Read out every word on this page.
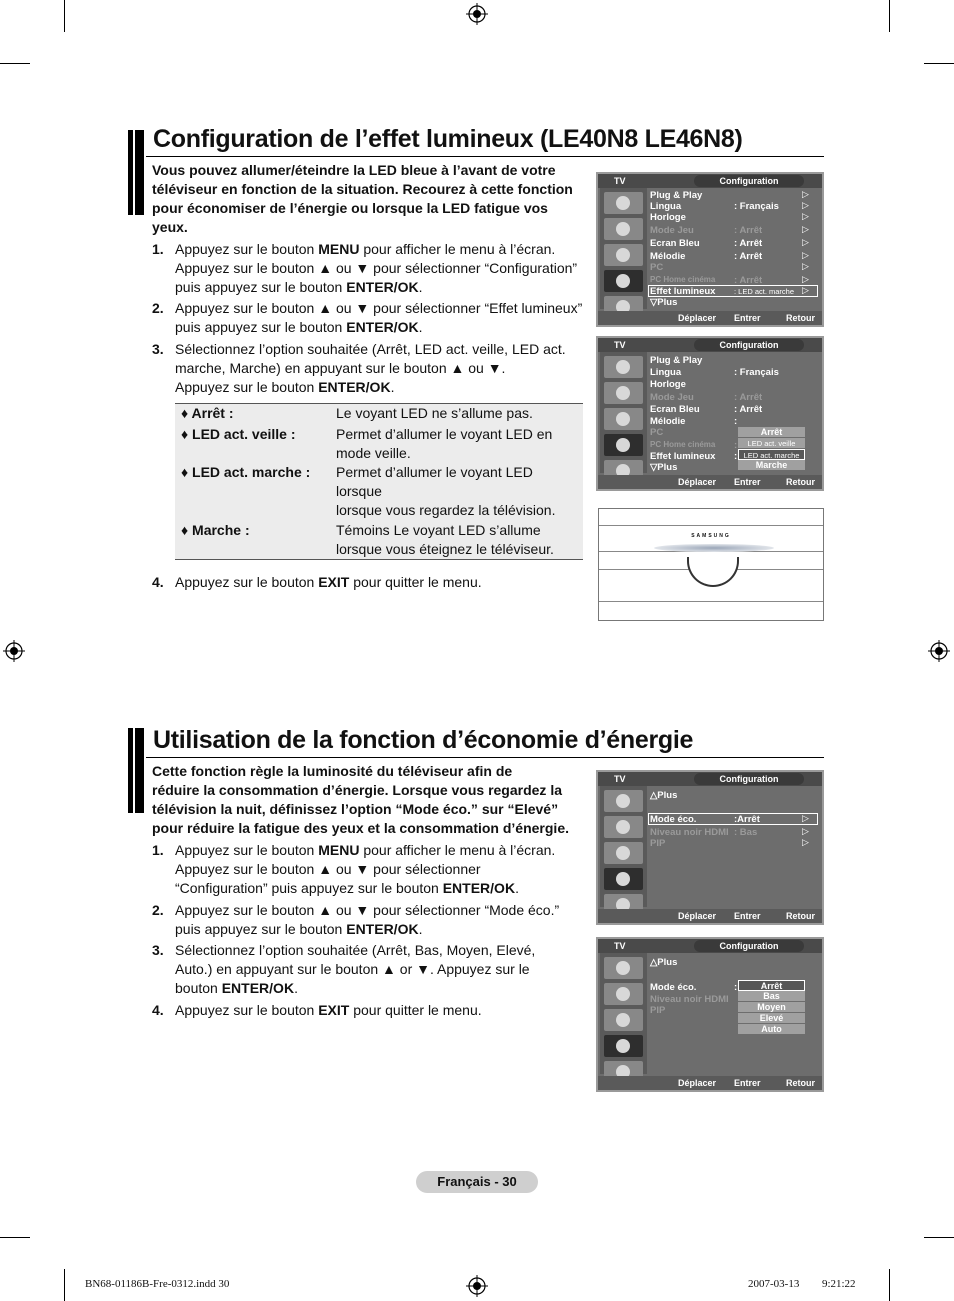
Configuration de l’effet lumineux (LE40N8 LE46N8)
Vous pouvez allumer/éteindre la LED bleue à l’avant de votre
téléviseur en fonction de la situation. Recourez à cette fonction
pour économiser de l’énergie ou lorsque la LED fatigue vos
yeux.
1. Appuyez sur le bouton MENU pour afficher le menu à l’écran.
Appuyez sur le bouton ▲ ou ▼ pour sélectionner “Configuration”
puis appuyez sur le bouton ENTER/OK.
2. Appuyez sur le bouton ▲ ou ▼ pour sélectionner “Effet lumineux”
puis appuyez sur le bouton ENTER/OK.
3. Sélectionnez l’option souhaitée (Arrêt, LED act. veille, LED act.
marche, Marche) en appuyant sur le bouton ▲ ou ▼.
Appuyez sur le bouton ENTER/OK.
♦ Arrêt :	Le voyant LED ne s’allume pas.
♦ LED act. veille :	Permet d’allumer le voyant LED en
mode veille.
♦ LED act. marche : Permet d’allumer le voyant LED
lorsque
lorsque vous regardez la télévision.
♦ Marche :	Témoins Le voyant LED s’allume
lorsque vous éteignez le téléviseur.
4. Appuyez sur le bouton EXIT pour quitter le menu.
TV	Configuration
Plug & Play
Lingua	: Français
Horloge
Mode Jeu	: Arrêt
Ecran Bleu	: Arrêt
Mélodie	: Arrêt
PC
PC Home cinéma : Arrêt
Effet lumineux : LED act. marche
▽Plus
▷
▷
▷
▷
▷
▷
▷
▷
▷
Déplacer Entrer	Retour
TV	Configuration
Plug & Play
Lingua	: Français
Horloge
Mode Jeu	: Arrêt
Ecran Bleu	: Arrêt
Mélodie	:
PC
PC Home cinéma :
Effet lumineux :
▽Plus
Arrêt
LED act. veille
LED act. marche
Marche
Déplacer Entrer	Retour
SAMSUNG
Utilisation de la fonction d’économie d’énergie
Cette fonction règle la luminosité du téléviseur afin de
réduire la consommation d’énergie. Lorsque vous regardez la
télévision la nuit, définissez l’option “Mode éco.” sur “Elevé”
pour réduire la fatigue des yeux et la consommation d’énergie.
1. Appuyez sur le bouton MENU pour afficher le menu à l’écran.
Appuyez sur le bouton ▲ ou ▼ pour sélectionner
“Configuration” puis appuyez sur le bouton ENTER/OK.
2. Appuyez sur le bouton ▲ ou ▼ pour sélectionner “Mode éco.”
puis appuyez sur le bouton ENTER/OK.
3. Sélectionnez l’option souhaitée (Arrêt, Bas, Moyen, Elevé,
Auto.) en appuyant sur le bouton ▲ or ▼. Appuyez sur le
bouton ENTER/OK.
4. Appuyez sur le bouton EXIT pour quitter le menu.
TV	Configuration
△Plus
Mode éco.	:Arrêt
Niveau noir HDMI : Bas
PIP
▷
▷
▷
Déplacer Entrer	Retour
TV	Configuration
△Plus
Mode éco.	:
Niveau noir HDMI
PIP
Arrêt
Bas
Moyen
Elevé
Auto
Déplacer Entrer	Retour
Français - 30
BN68-01186B-Fre-0312.indd 30	2007-03-13 ￿￿ 9:21:22
